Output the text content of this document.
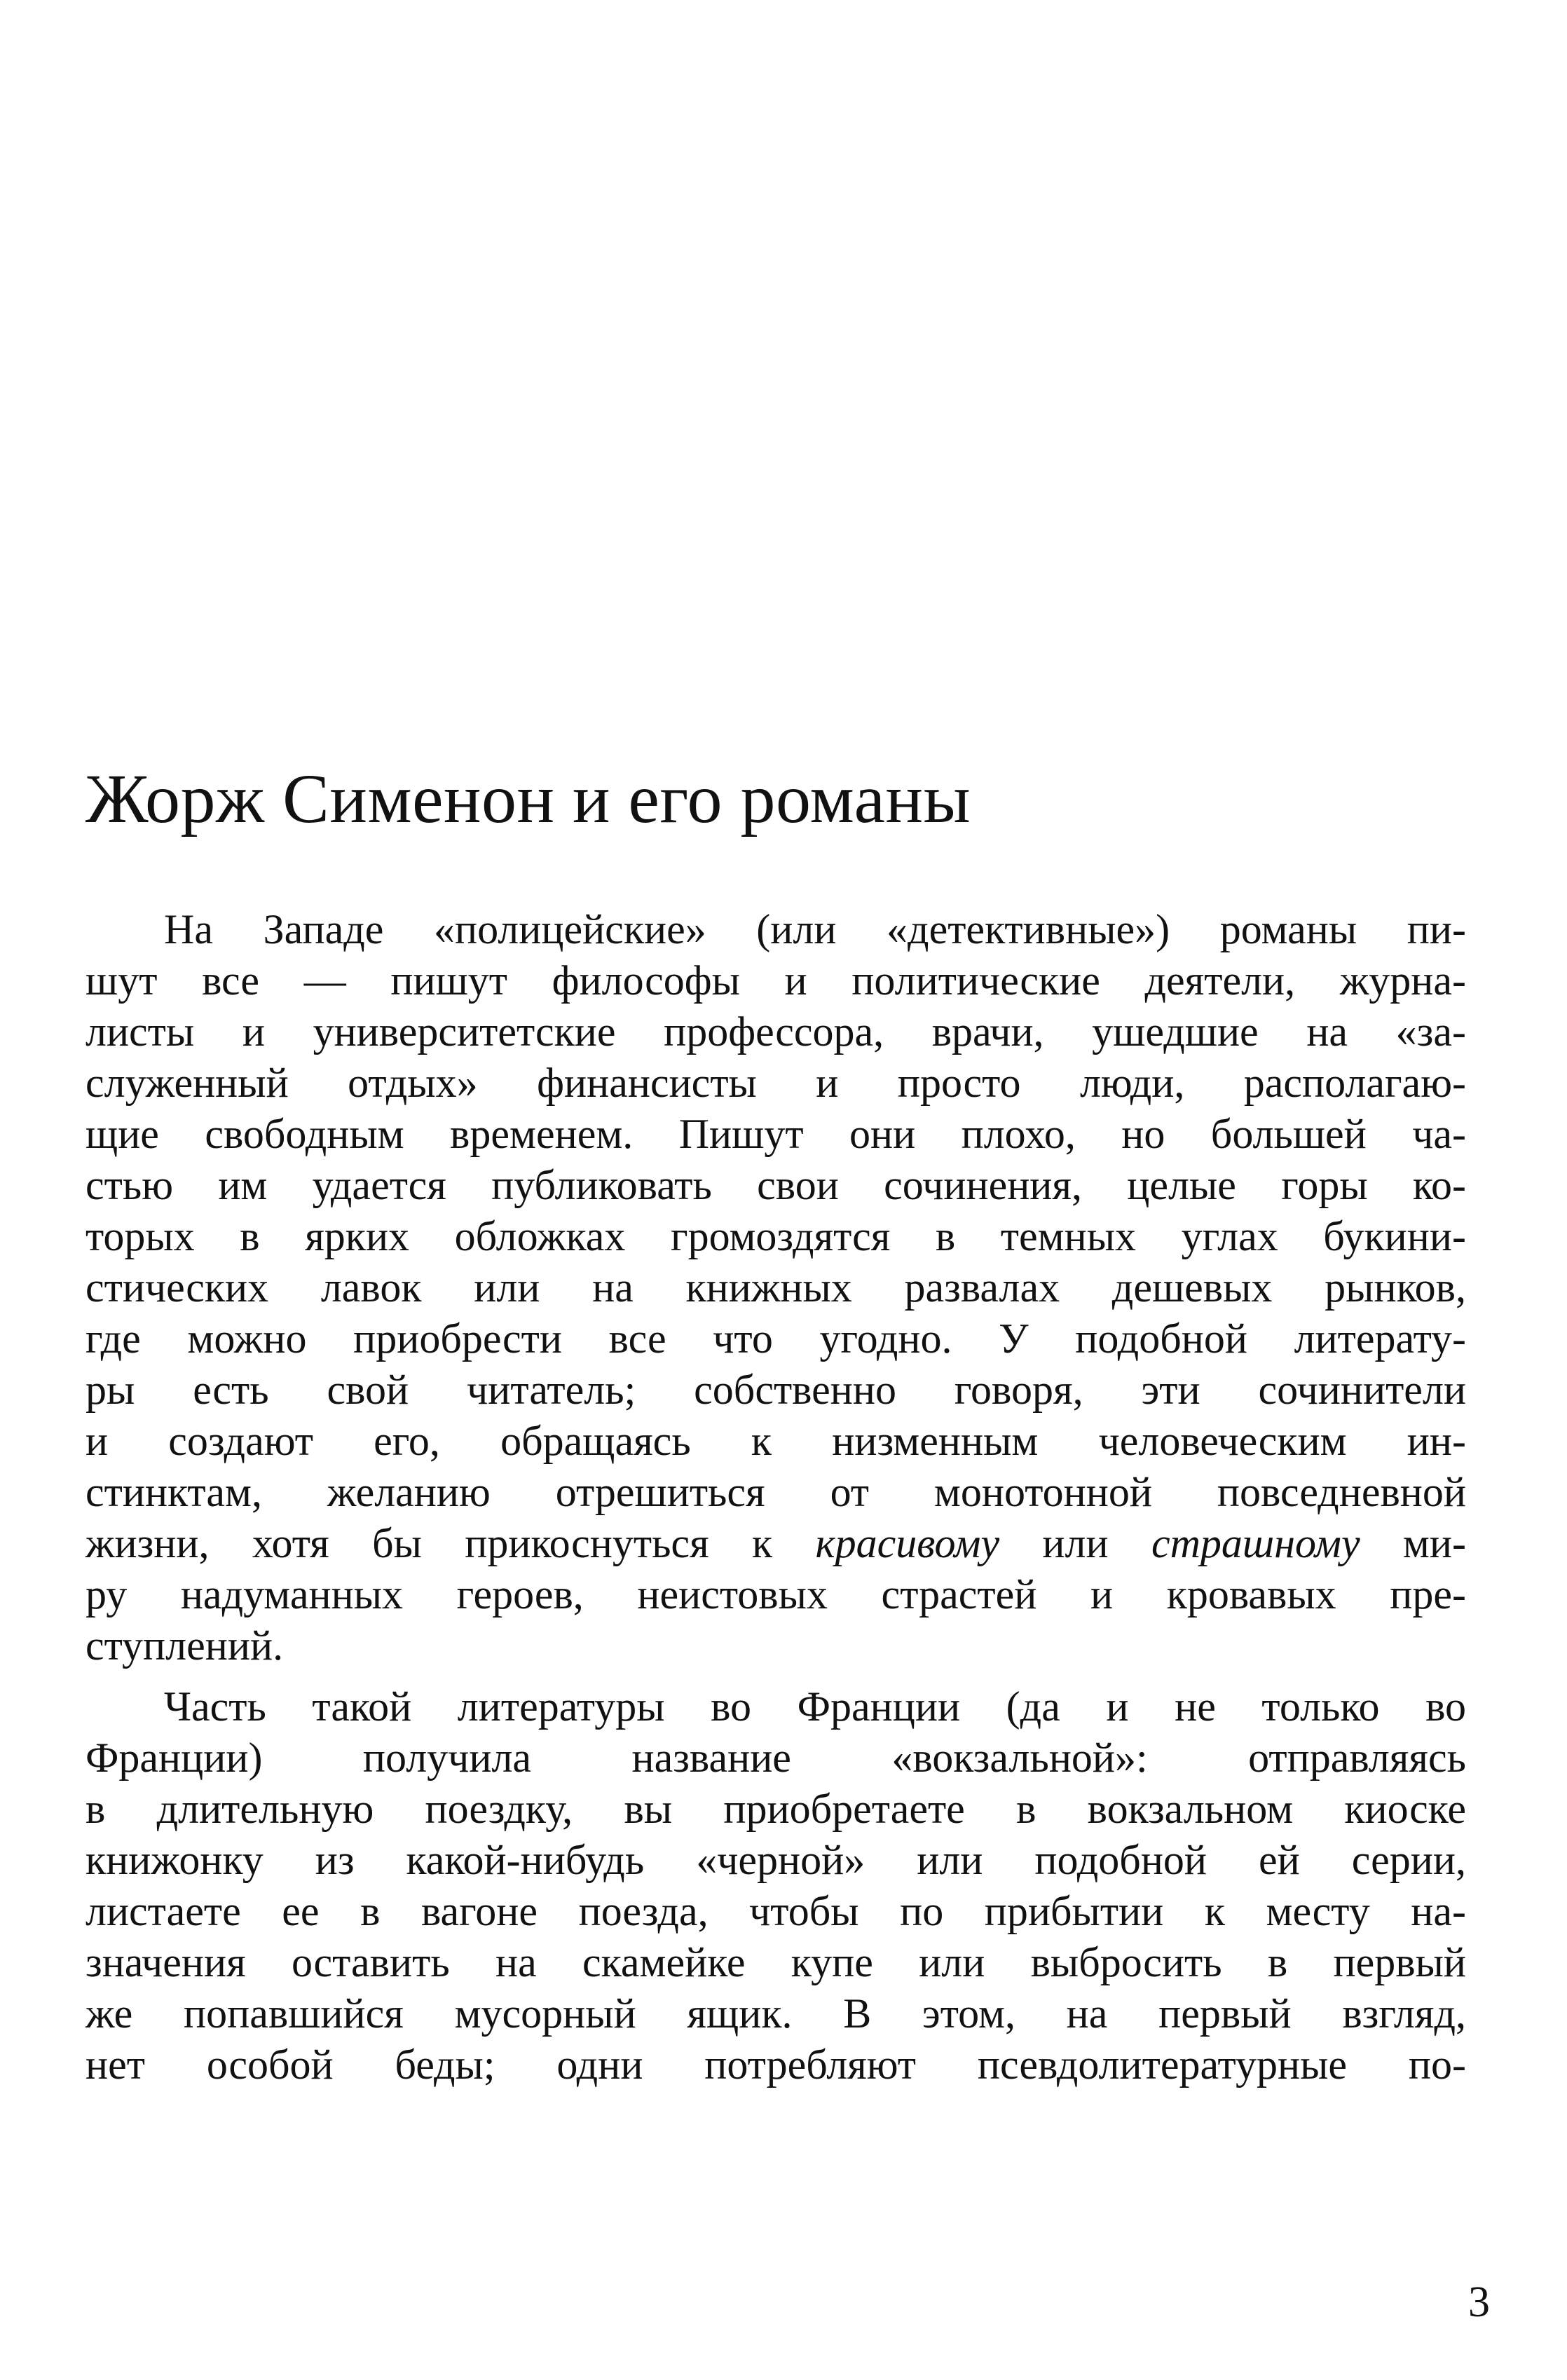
Жорж Сименон и его романы
На Западе «полицейские» (или «детективные») романы пи-
шут все — пишут философы и политические деятели, журна-
листы и университетские профессора, врачи, ушедшие на «за-
служенный отдых» финансисты и просто люди, располагаю-
щие свободным временем. Пишут они плохо, но большей ча-
стью им удается публиковать свои сочинения, целые горы ко-
торых в ярких обложках громоздятся в темных углах букини-
стических лавок или на книжных развалах дешевых рынков,
где можно приобрести все что угодно. У подобной литерату-
ры есть свой читатель; собственно говоря, эти сочинители
и создают его, обращаясь к низменным человеческим ин-
стинктам, желанию отрешиться от монотонной повседневной
жизни, хотя бы прикоснуться к красивому или страшному ми-
ру надуманных героев, неистовых страстей и кровавых пре-
ступлений.
Часть такой литературы во Франции (да и не только во
Франции) получила название «вокзальной»: отправляясь
в длительную поездку, вы приобретаете в вокзальном киоске
книжонку из какой-нибудь «черной» или подобной ей серии,
листаете ее в вагоне поезда, чтобы по прибытии к месту на-
значения оставить на скамейке купе или выбросить в первый
же попавшийся мусорный ящик. В этом, на первый взгляд,
нет особой беды; одни потребляют псевдолитературные по-
3
